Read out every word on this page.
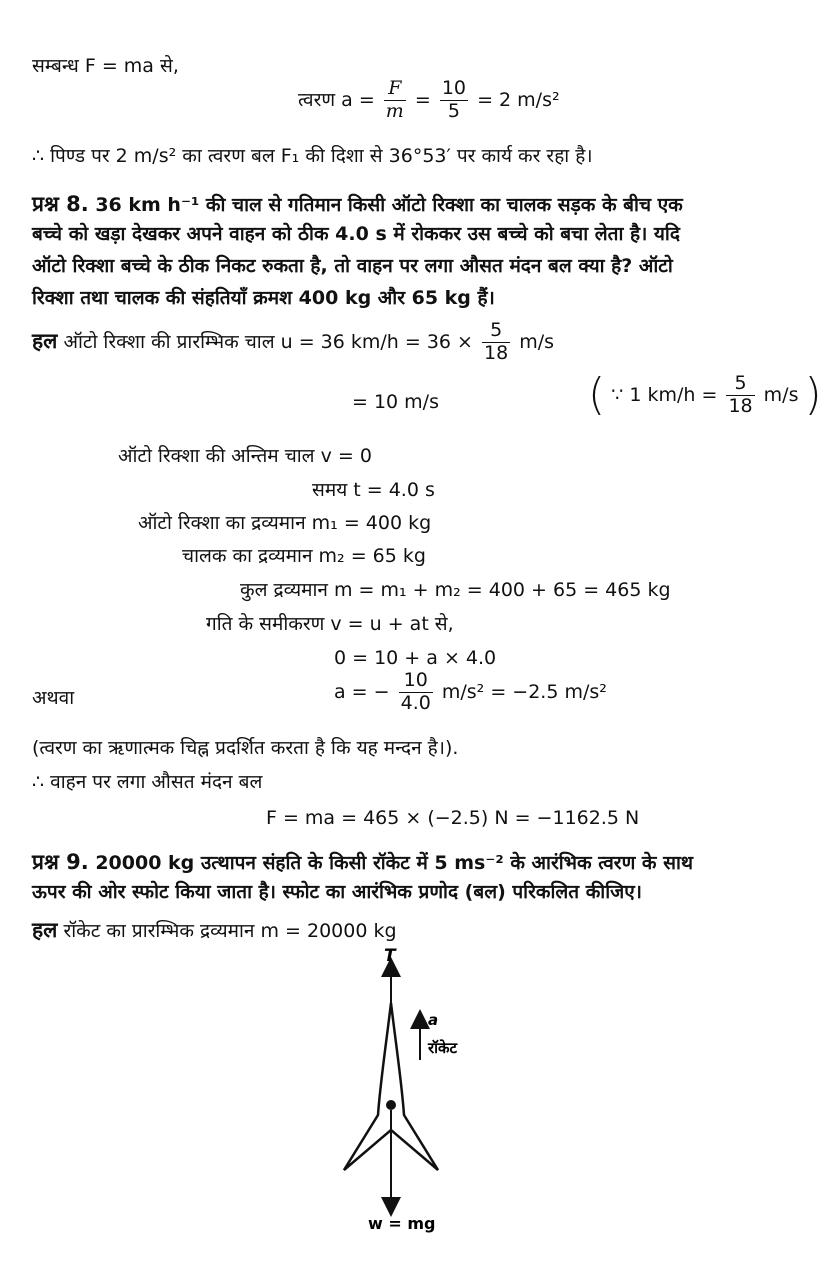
सम्बन्ध F = ma से,
त्वरण $a = \frac{F}{m} = \frac{10}{5} = 2$ m/s²
∴ पिण्ड पर 2 m/s² का त्वरण बल F₁ की दिशा से 36°53′ पर कार्य कर रहा है।
प्रश्न 8. 36 km h⁻¹ की चाल से गतिमान किसी ऑटो रिक्शा का चालक सड़क के बीच एक
बच्चे को खड़ा देखकर अपने वाहन को ठीक 4.0 s में रोककर उस बच्चे को बचा लेता है। यदि
ऑटो रिक्शा बच्चे के ठीक निकट रुकता है, तो वाहन पर लगा औसत मंदन बल क्या है? ऑटो
रिक्शा तथा चालक की संहतियाँ क्रमश 400 kg और 65 kg हैं।
हल ऑटो रिक्शा की प्रारम्भिक चाल u = 36 $km/h = 36 \times \frac{5}{18} m/s$
= 10 m/s	( ∵ 1 $km/h = \frac{5}{18} m/s$ )
ऑटो रिक्शा की अन्तिम चाल v = 0
समय t = 4.0 s
ऑटो रिक्शा का द्रव्यमान m₁ = 400 kg
चालक का द्रव्यमान m₂ = 65 kg
कुल द्रव्यमान m = m₁ + m₂ = 400 + 65 = 465 kg
गति के समीकरण v = u + at से,
0 = 10 + a × 4.0
अथवा	a = − $\frac{10}{4.0} m/s^2 = -2.5$ m/s²
(त्वरण का ऋणात्मक चिह्न प्रदर्शित करता है कि यह मन्दन है।).
∴ वाहन पर लगा औसत मंदन बल
F = ma = 465 × (−2.5) N = −1162.5 N
प्रश्न 9. 20000 kg उत्थापन संहति के किसी रॉकेट में 5 ms⁻² के आरंभिक त्वरण के साथ
ऊपर की ओर स्फोट किया जाता है। स्फोट का आरंभिक प्रणोद (बल) परिकलित कीजिए।
हल रॉकेट का प्रारम्भिक द्रव्यमान m = 20000 kg
T
w = mg
a
रॉकेट
